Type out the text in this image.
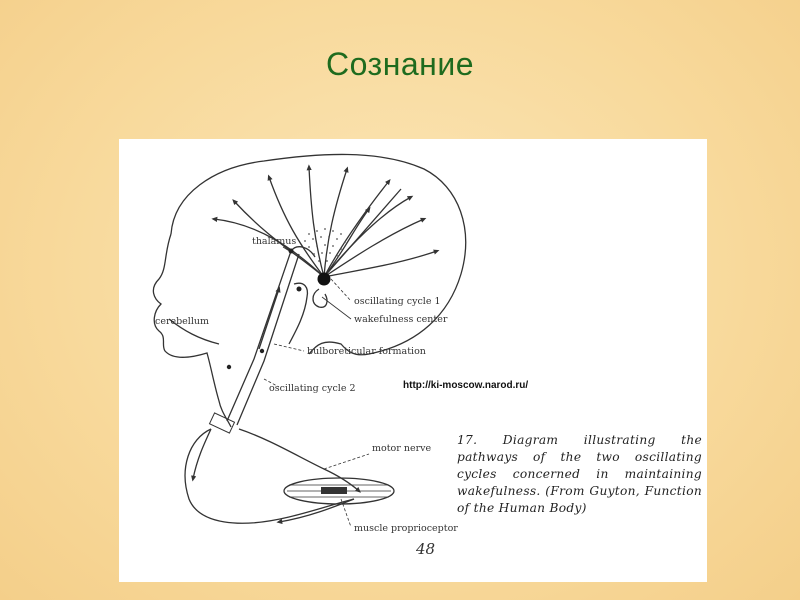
Сознание
thalamus
cerebellum
oscillating cycle 1
wakefulness center
bulboreticular formation
oscillating cycle 2
motor nerve
muscle proprioceptor
http://ki-moscow.narod.ru/
17. Diagram illustrating the pathways of the two oscillating cycles concerned in maintaining wakefulness. (From Guyton, Function of the Human Body)
48
